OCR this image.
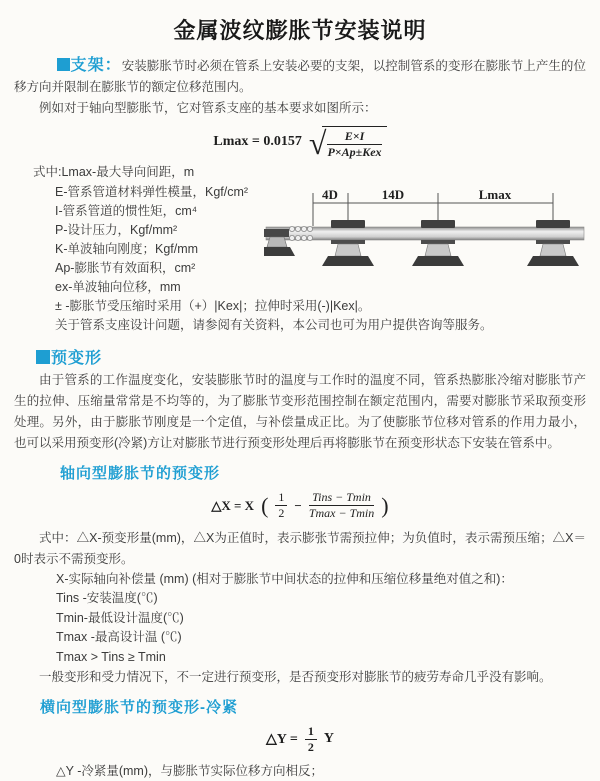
金属波纹膨胀节安装说明

支架：安装膨胀节时必须在管系上安装必要的支架，以控制管系的变形在膨胀节上产生的位移方向并限制在膨胀节的额定位移范围内。

例如对于轴向型膨胀节，它对管系支座的基本要求如图所示：

Lmax = 0.0157 √ $\frac{E\times I}{\text{P×Ap±Kex}}$
式中:Lmax-最大导向间距，m
E-管系管道材料弹性模量，Kgf/cm²
I-管系管道的惯性矩，cm⁴
P-设计压力，Kgf/mm²
K-单波轴向刚度；Kgf/mm
Ap-膨胀节有效面积，cm²
ex-单波轴向位移，mm
± -膨胀节受压缩时采用（+）|Kex|；拉伸时采用(-)|Kex|。
关于管系支座设计问题，请参阅有关资料，本公司也可为用户提供咨询等服务。
4D	14D	Lmax
预变形

由于管系的工作温度变化，安装膨胀节时的温度与工作时的温度不同，管系热膨胀冷缩对膨胀节产生的拉伸、压缩量常常是不均等的，为了膨胀节变形范围控制在额定范围内，需要对膨胀节采取预变形处理。另外，由于膨胀节刚度是一个定值，与补偿量成正比。为了使膨胀节位移对管系的作用力最小，也可以采用预变形(冷紧)方让对膨胀节进行预变形处理后再将膨胀节在预变形状态下安装在管系中。

轴向型膨胀节的预变形
△X = X ( $\frac{1}{2} - \frac{\text{Tins − Tmin}}{Tmax - Tmin}$ )

式中：△X-预变形量(mm)，△X为正值时，表示膨张节需预拉伸；为负值时，表示需预压缩；△X＝0时表示不需预变形。

X-实际轴向补偿量 (mm) (相对于膨胀节中间状态的拉伸和压缩位移量绝对值之和)：
Tins -安装温度(℃)
Tmin-最低设计温度(℃)
Tmax -最高设计温 (℃)
Tmax > Tins ≥ Tmin

一般变形和受力情况下，不一定进行预变形，是否预变形对膨胀节的疲劳寿命几乎没有影响。

横向型膨胀节的预变形-冷紧
△Y = $\frac{1}{2}$ Y
△Y -冷紧量(mm)，与膨胀节实际位移方向相反；
